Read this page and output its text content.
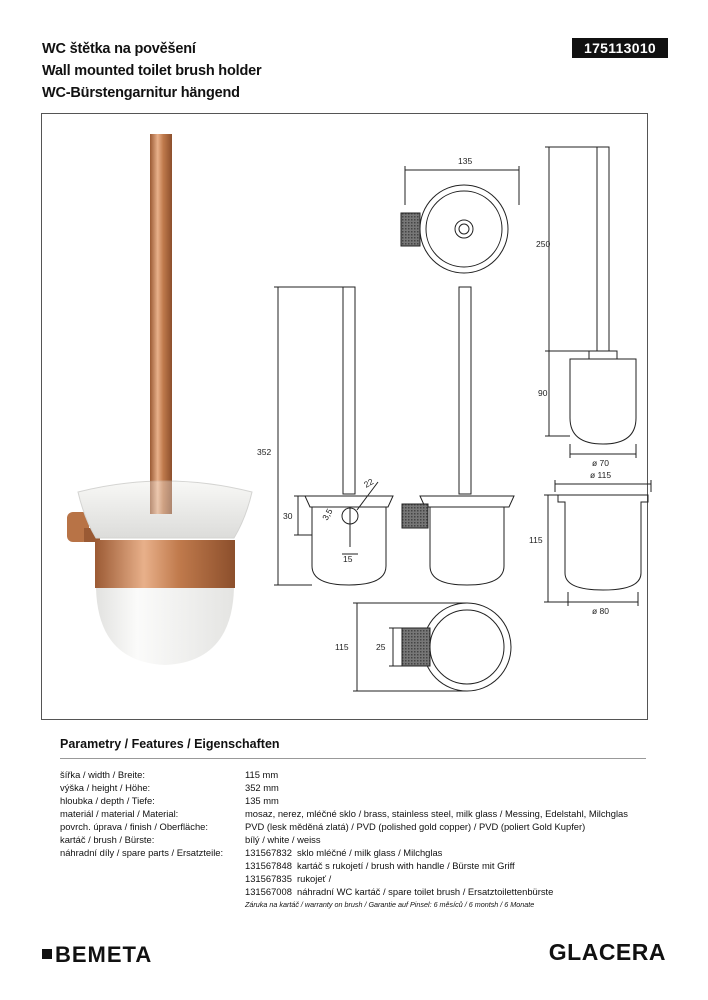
WC štětka na pověšení
Wall mounted toilet brush holder
WC-Bürstengarnitur hängend
175113010
135
250
90
ø 70
352
30
22
3,5
15
ø 115
115
ø 80
115	25
Parametry / Features / Eigenschaften
šířka / width / Breite:	115 mm	
výška / height / Höhe:	352 mm	
hloubka / depth / Tiefe:	135 mm	
materiál / material / Material:	mosaz, nerez, mléčné sklo / brass, stainless steel, milk glass / Messing, Edelstahl, Milchglas	
povrch. úprava / finish / Oberfläche:	PVD (lesk měděná zlatá) / PVD (polished gold copper) / PVD (poliert Gold Kupfer)	
kartáč / brush / Bürste:	bílý / white / weiss	
náhradní díly / spare parts / Ersatzteile:	131567832	sklo mléčné / milk glass / Milchglas
	131567848	kartáč s rukojetí / brush with handle / Bürste mit Griff
	131567835	rukojeť /
	131567008	náhradní WC kartáč / spare toilet brush / Ersatztoilettenbürste
	Záruka na kartáč / warranty on brush / Garantie auf Pinsel: 6 měsíců / 6 montsh / 6 Monate	
BEMETA	GLACERA
